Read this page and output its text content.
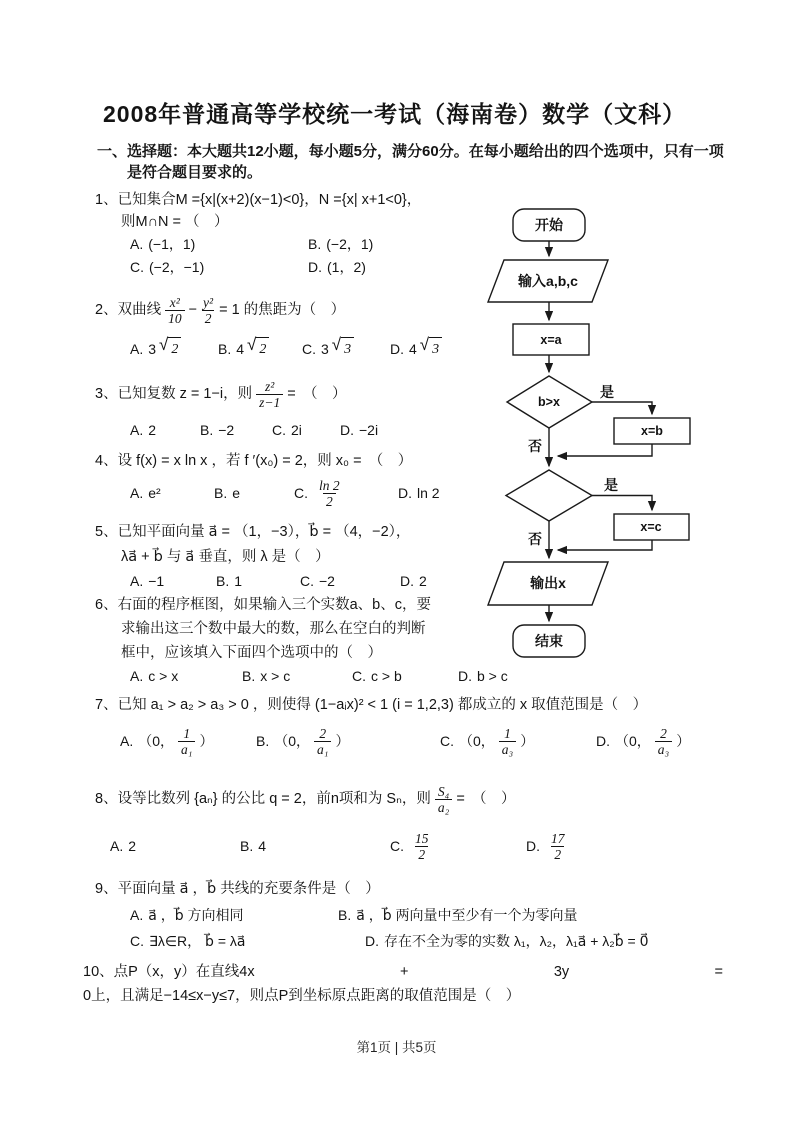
2008年普通高等学校统一考试（海南卷）数学（文科）
一、选择题：本大题共12小题，每小题5分，满分60分。在每小题给出的四个选项中，只有一项
是符合题目要求的。
1、 已知集合M ={x|(x+2)(x−1)<0}，N ={x| x+1<0}，
则M∩N = （　）
A. (−1，1)	B. (−2，1)
C. (−2，−1)	D. (1，2)
2、 双曲线 $\frac{\text{x²}}{10} - \frac{\text{y²}}{2} = 1$ 的焦距为（　）
A. 3 √ 2	B. 4 √ 2	C. 3 √ 3	D. 4 √ 3
3、 已知复数 z = 1−i，则 $\frac{\text{z²}}{z-1}$ =　（　）
A. 2	B. −2	C. 2i	D. −2i
4、 设 f(x) = x ln x ，若 f ′(x₀) = 2，则 x₀ =　（　）
A. e²	B. e	C. $\frac{\ln 2}{2}$	D. ln 2
5、 已知平面向量 a⃗ = （1，−3），b⃗ = （4，−2），
λa⃗ + b⃗ 与 a⃗ 垂直，则 λ 是（　）
A. −1	B. 1	C. −2	D. 2
6、 右面的程序框图，如果输入三个实数a、b、c，要
求输出这三个数中最大的数，那么在空白的判断
框中，应该填入下面四个选项中的（　）
A. c > x	B. x > c	C. c > b	D. b > c
7、 已知 a₁ > a₂ > a₃ > 0 ，则使得 (1−aᵢx)² < 1 (i = 1,2,3) 都成立的 x 取值范围是（　）
A. （0， $\frac{1}{\text{a₁}}$ ）	B. （0， $\frac{2}{\text{a₁}}$ ）	C. （0， $\frac{1}{\text{a₃}}$ ）	D. （0， $\frac{2}{\text{a₃}}$ ）
8、 设等比数列 {aₙ} 的公比 q = 2，前n项和为 Sₙ，则 $\frac{\text{S₄}}{\text{a₂}}$ =　（　）
A. 2	B. 4	C. $\frac{15}{2}$	D. $\frac{17}{2}$
9、 平面向量 a⃗ ，b⃗ 共线的充要条件是（　）
A. a⃗ ，b⃗ 方向相同	B. a⃗ ，b⃗ 两向量中至少有一个为零向量
C. ∃λ∈R， b⃗ = λa⃗	D. 存在不全为零的实数 λ₁，λ₂，λ₁a⃗ + λ₂b⃗ = 0⃗
10、 点P（x，y）在直线4x	+	3y	=
0上，且满足−14≤x−y≤7，则点P到坐标原点距离的取值范围是（　）
开始
输入a,b,c
x=a
b>x
是
否
x=b
是
否
x=c
输出x
结束
第1页 | 共5页
